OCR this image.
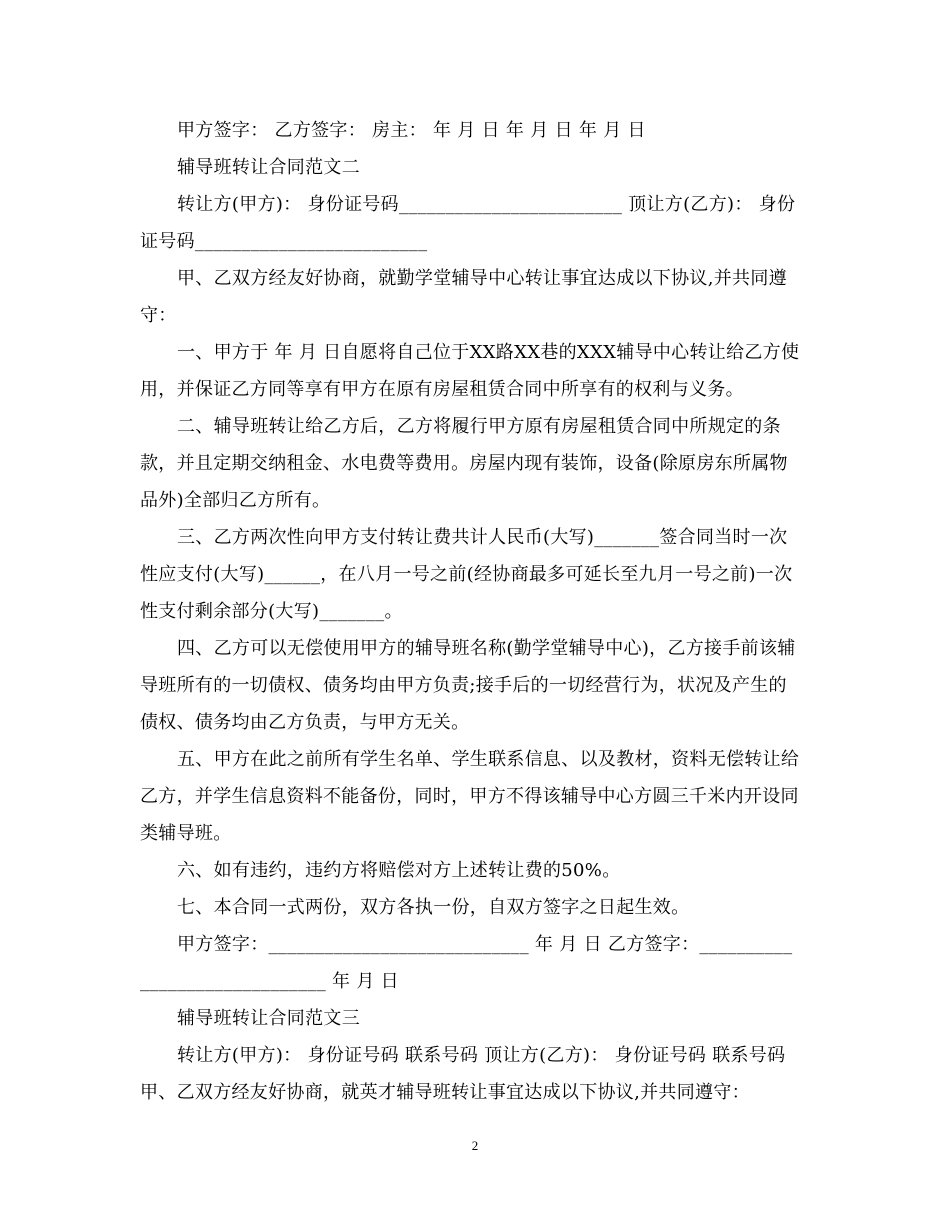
甲方签字： 乙方签字： 房主： 年 月 日 年 月 日 年 月 日

辅导班转让合同范文二

转让方(甲方)： 身份证号码________________________ 顶让方(乙方)： 身份证号码_________________________

甲、乙双方经友好协商，就勤学堂辅导中心转让事宜达成以下协议,并共同遵守：

一、甲方于 年 月 日自愿将自己位于XX路XX巷的XXX辅导中心转让给乙方使用，并保证乙方同等享有甲方在原有房屋租赁合同中所享有的权利与义务。

二、辅导班转让给乙方后，乙方将履行甲方原有房屋租赁合同中所规定的条款，并且定期交纳租金、水电费等费用。房屋内现有装饰，设备(除原房东所属物品外)全部归乙方所有。

三、乙方两次性向甲方支付转让费共计人民币(大写)_______签合同当时一次性应支付(大写)______，在八月一号之前(经协商最多可延长至九月一号之前)一次性支付剩余部分(大写)_______。

四、乙方可以无偿使用甲方的辅导班名称(勤学堂辅导中心)，乙方接手前该辅导班所有的一切债权、债务均由甲方负责;接手后的一切经营行为，状况及产生的债权、债务均由乙方负责，与甲方无关。

五、甲方在此之前所有学生名单、学生联系信息、以及教材，资料无偿转让给乙方，并学生信息资料不能备份，同时，甲方不得该辅导中心方圆三千米内开设同类辅导班。

六、如有违约，违约方将赔偿对方上述转让费的50%。

七、本合同一式两份，双方各执一份，自双方签字之日起生效。

甲方签字：____________________________ 年 月 日 乙方签字：______________________________ 年 月 日

辅导班转让合同范文三

转让方(甲方)： 身份证号码 联系号码 顶让方(乙方)： 身份证号码 联系号码

甲、乙双方经友好协商，就英才辅导班转让事宜达成以下协议,并共同遵守：

2
